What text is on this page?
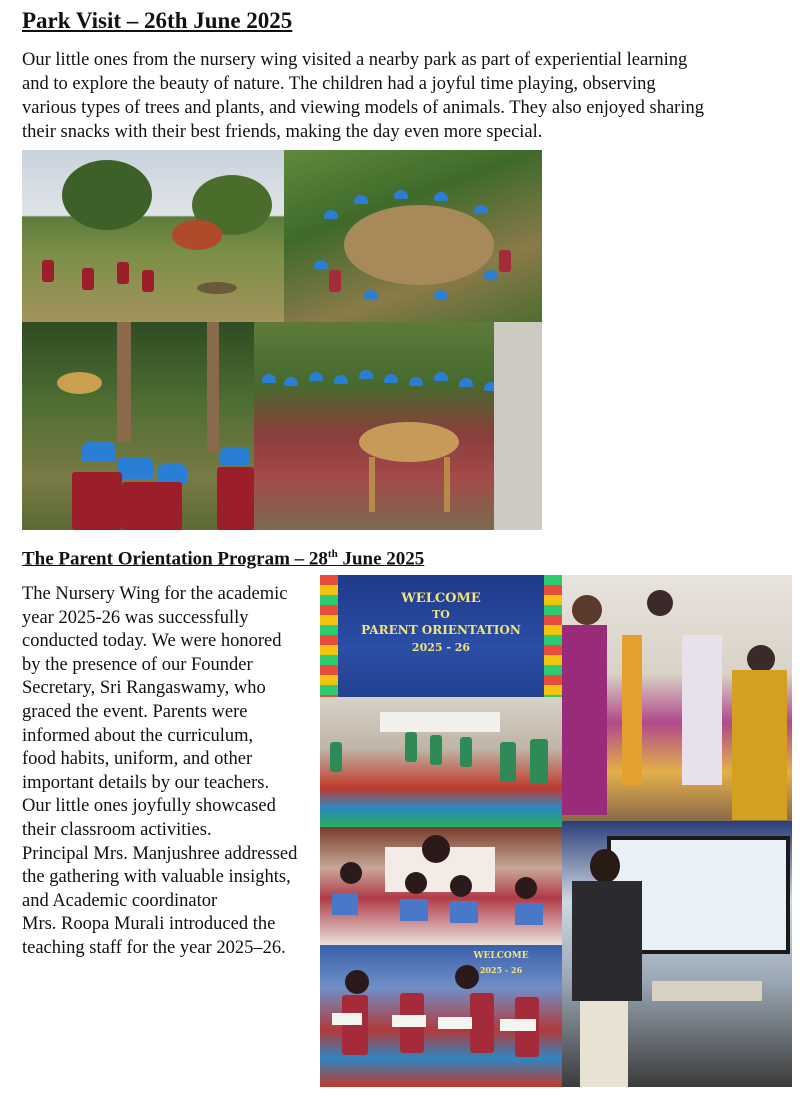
Park Visit – 26th June 2025
Our little ones from the nursery wing visited a nearby park as part of experiential learning
and to explore the beauty of nature. The children had a joyful time playing, observing
various types of trees and plants, and viewing models of animals. They also enjoyed sharing
their snacks with their best friends, making the day even more special.
The Parent Orientation Program – 28th June 2025
The Nursery Wing for the academic
year 2025-26 was successfully
conducted today. We were honored
by the presence of our Founder
Secretary, Sri Rangaswamy, who
graced the event. Parents were
informed about the curriculum,
food habits, uniform, and other
important details by our teachers.
Our little ones joyfully showcased
their classroom activities.
Principal Mrs. Manjushree addressed
the gathering with valuable insights,
and Academic coordinator
Mrs. Roopa Murali introduced the
teaching staff for the year 2025–26.
WELCOME
TO
PARENT ORIENTATION
2025 - 26
WELCOME
2025 - 26
